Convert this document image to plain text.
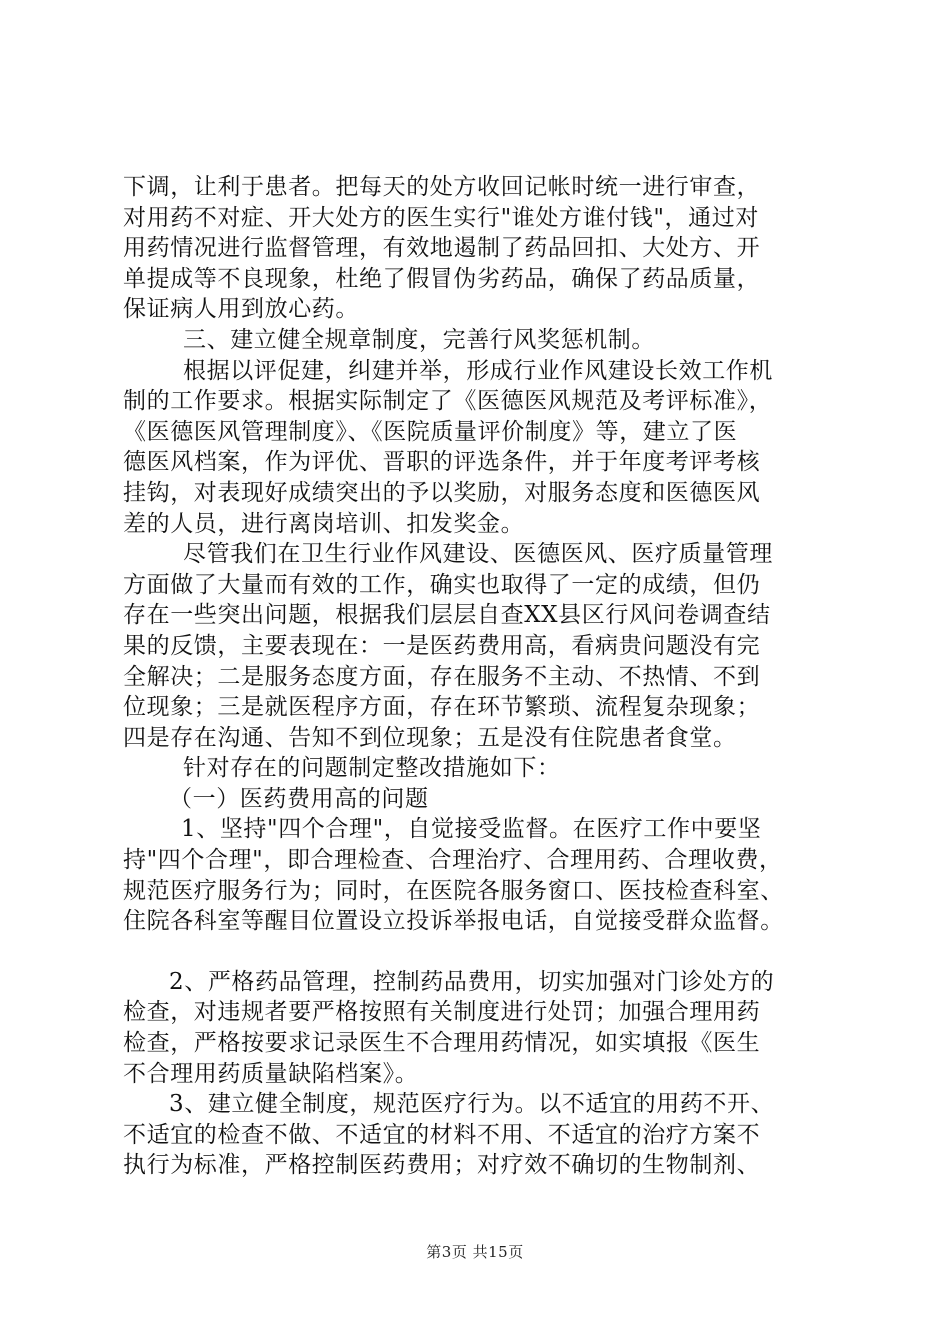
下调，让利于患者。把每天的处方收回记帐时统一进行审查，
对用药不对症、开大处方的医生实行"谁处方谁付钱"，通过对
用药情况进行监督管理，有效地遏制了药品回扣、大处方、开
单提成等不良现象，杜绝了假冒伪劣药品，确保了药品质量，
保证病人用到放心药。
三、建立健全规章制度，完善行风奖惩机制。
根据以评促建，纠建并举，形成行业作风建设长效工作机
制的工作要求。根据实际制定了《医德医风规范及考评标准》，
《医德医风管理制度》、《医院质量评价制度》等，建立了医
德医风档案，作为评优、晋职的评选条件，并于年度考评考核
挂钩，对表现好成绩突出的予以奖励，对服务态度和医德医风
差的人员，进行离岗培训、扣发奖金。
尽管我们在卫生行业作风建设、医德医风、医疗质量管理
方面做了大量而有效的工作，确实也取得了一定的成绩，但仍
存在一些突出问题，根据我们层层自查XX县区行风问卷调查结
果的反馈，主要表现在：一是医药费用高，看病贵问题没有完
全解决；二是服务态度方面，存在服务不主动、不热情、不到
位现象；三是就医程序方面，存在环节繁琐、流程复杂现象；
四是存在沟通、告知不到位现象；五是没有住院患者食堂。
针对存在的问题制定整改措施如下：
（一）医药费用高的问题
1、坚持"四个合理"，自觉接受监督。在医疗工作中要坚
持"四个合理"，即合理检查、合理治疗、合理用药、合理收费，
规范医疗服务行为；同时，在医院各服务窗口、医技检查科室、
住院各科室等醒目位置设立投诉举报电话，自觉接受群众监督。
2、严格药品管理，控制药品费用，切实加强对门诊处方的
检查，对违规者要严格按照有关制度进行处罚；加强合理用药
检查，严格按要求记录医生不合理用药情况，如实填报《医生
不合理用药质量缺陷档案》。
3、建立健全制度，规范医疗行为。以不适宜的用药不开、
不适宜的检查不做、不适宜的材料不用、不适宜的治疗方案不
执行为标准，严格控制医药费用；对疗效不确切的生物制剂、
第3页 共15页
